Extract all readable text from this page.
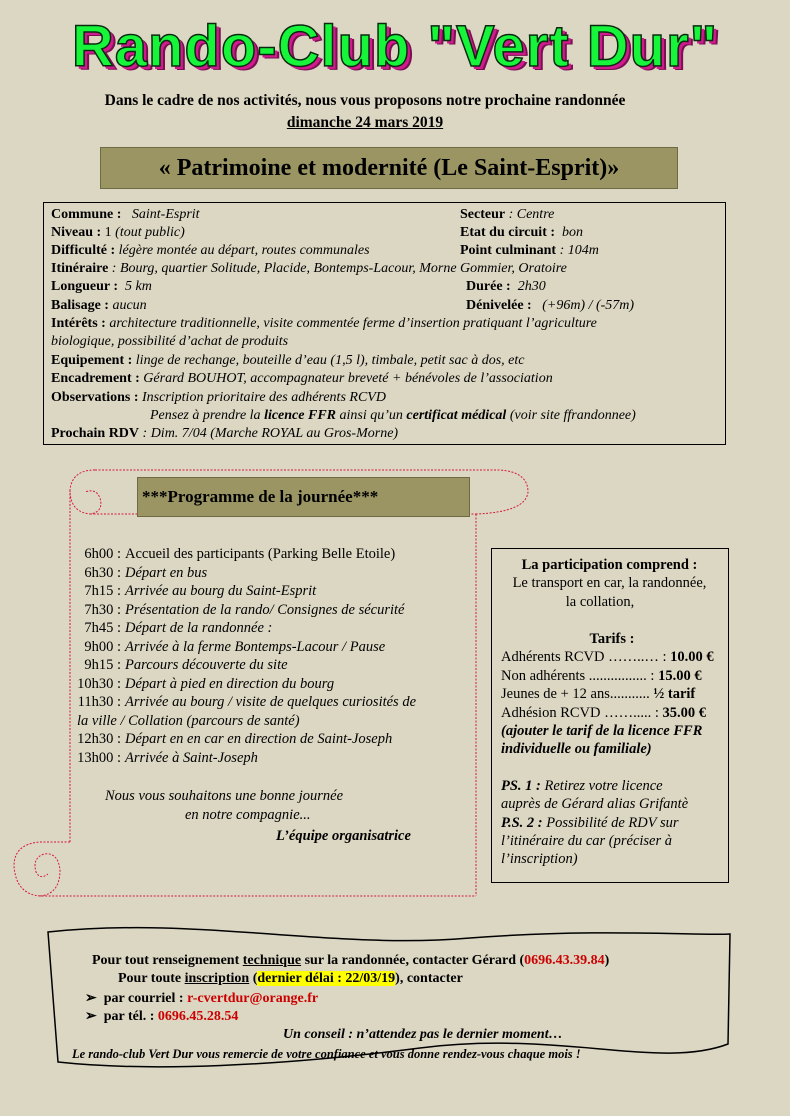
Rando-Club "Vert Dur"
Dans le cadre de nos activités, nous vous proposons notre prochaine randonnée
dimanche 24 mars 2019
« Patrimoine et modernité (Le Saint-Esprit)»
Commune : Saint-Esprit	Secteur : Centre
Niveau : 1 (tout public)	Etat du circuit : bon
Difficulté : légère montée au départ, routes communales	Point culminant : 104m
Itinéraire : Bourg, quartier Solitude, Placide, Bontemps-Lacour, Morne Gommier, Oratoire
Longueur : 5 km	Durée : 2h30
Balisage : aucun	Dénivelée : (+96m) / (-57m)
Intérêts : architecture traditionnelle, visite commentée ferme d’insertion pratiquant l’agriculture
biologique, possibilité d’achat de produits
Equipement : linge de rechange, bouteille d’eau (1,5 l), timbale, petit sac à dos, etc
Encadrement : Gérard BOUHOT, accompagnateur breveté + bénévoles de l’association
Observations : Inscription prioritaire des adhérents RCVD
Pensez à prendre la licence FFR ainsi qu’un certificat médical (voir site ffrandonnee)
Prochain RDV : Dim. 7/04 (Marche ROYAL au Gros-Morne)
***Programme de la journée***
6h00 : Accueil des participants (Parking Belle Etoile)
6h30 : Départ en bus
7h15 : Arrivée au bourg du Saint-Esprit
7h30 : Présentation de la rando/ Consignes de sécurité
7h45 : Départ de la randonnée :
9h00 : Arrivée à la ferme Bontemps-Lacour / Pause
9h15 : Parcours découverte du site
10h30 : Départ à pied en direction du bourg
11h30 : Arrivée au bourg / visite de quelques curiosités de
la ville / Collation (parcours de santé)
12h30 : Départ en en car en direction de Saint-Joseph
13h00 : Arrivée à Saint-Joseph
Nous vous souhaitons une bonne journée
en notre compagnie...
L’équipe organisatrice
La participation comprend :
Le transport en car, la randonnée,
la collation,
Tarifs :
Adhérents RCVD ……..… : 10.00 €
Non adhérents ................ : 15.00 €
Jeunes de + 12 ans........... ½ tarif
Adhésion RCVD ……..... : 35.00 €
(ajouter le tarif de la licence FFR
individuelle ou familiale)
PS. 1 : Retirez votre licence
auprès de Gérard alias Grifantè
P.S. 2 : Possibilité de RDV sur
l’itinéraire du car (préciser à
l’inscription)
Pour tout renseignement technique sur la randonnée, contacter Gérard (0696.43.39.84)
Pour toute inscription (dernier délai : 22/03/19), contacter
➢ par courriel : r-cvertdur@orange.fr
➢ par tél. : 0696.45.28.54
Un conseil : n’attendez pas le dernier moment…
Le rando-club Vert Dur vous remercie de votre confiance et vous donne rendez-vous chaque mois !
